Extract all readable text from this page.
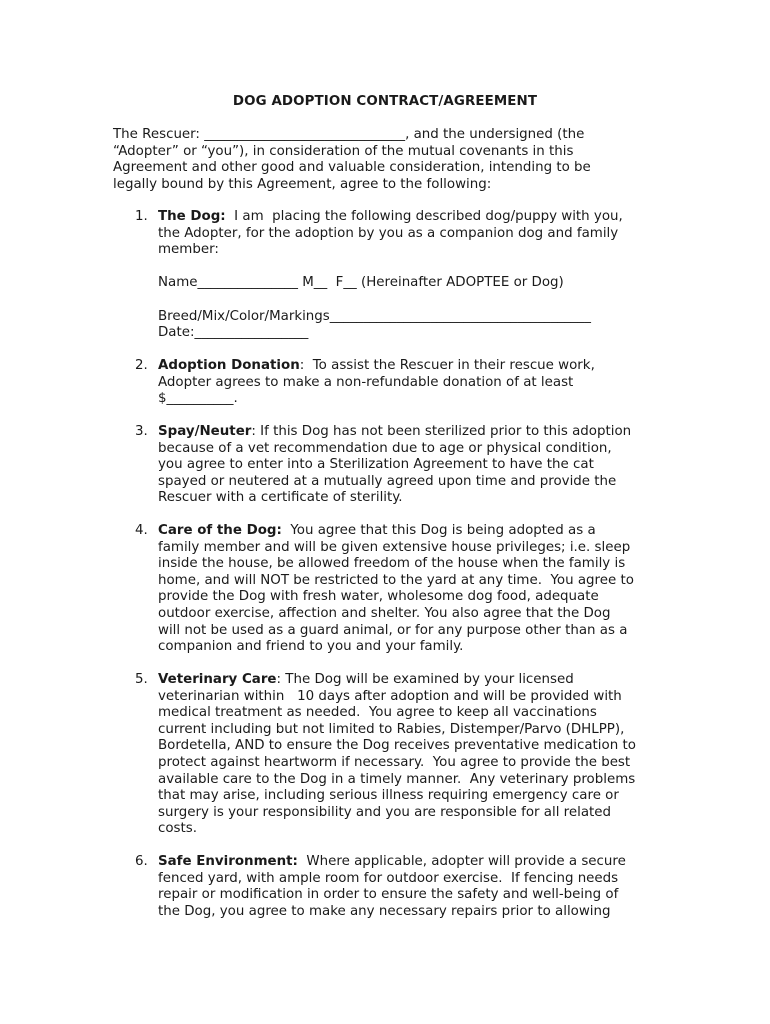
DOG ADOPTION CONTRACT/AGREEMENT
The Rescuer: ______________________________, and the undersigned (the
“Adopter” or “you”), in consideration of the mutual covenants in this
Agreement and other good and valuable consideration, intending to be
legally bound by this Agreement, agree to the following:
1. The Dog:  I am  placing the following described dog/puppy with you,
the Adopter, for the adoption by you as a companion dog and family
member:
Name_______________ M__  F__ (Hereinafter ADOPTEE or Dog)
Breed/Mix/Color/Markings_______________________________________
Date:_________________
2. Adoption Donation:  To assist the Rescuer in their rescue work,
Adopter agrees to make a non-refundable donation of at least
$__________.
3. Spay/Neuter: If this Dog has not been sterilized prior to this adoption
because of a vet recommendation due to age or physical condition,
you agree to enter into a Sterilization Agreement to have the cat
spayed or neutered at a mutually agreed upon time and provide the
Rescuer with a certificate of sterility.
4. Care of the Dog:  You agree that this Dog is being adopted as a
family member and will be given extensive house privileges; i.e. sleep
inside the house, be allowed freedom of the house when the family is
home, and will NOT be restricted to the yard at any time.  You agree to
provide the Dog with fresh water, wholesome dog food, adequate
outdoor exercise, affection and shelter. You also agree that the Dog
will not be used as a guard animal, or for any purpose other than as a
companion and friend to you and your family.
5. Veterinary Care: The Dog will be examined by your licensed
veterinarian within   10 days after adoption and will be provided with
medical treatment as needed.  You agree to keep all vaccinations
current including but not limited to Rabies, Distemper/Parvo (DHLPP),
Bordetella, AND to ensure the Dog receives preventative medication to
protect against heartworm if necessary.  You agree to provide the best
available care to the Dog in a timely manner.  Any veterinary problems
that may arise, including serious illness requiring emergency care or
surgery is your responsibility and you are responsible for all related
costs.
6. Safe Environment:  Where applicable, adopter will provide a secure
fenced yard, with ample room for outdoor exercise.  If fencing needs
repair or modification in order to ensure the safety and well-being of
the Dog, you agree to make any necessary repairs prior to allowing
